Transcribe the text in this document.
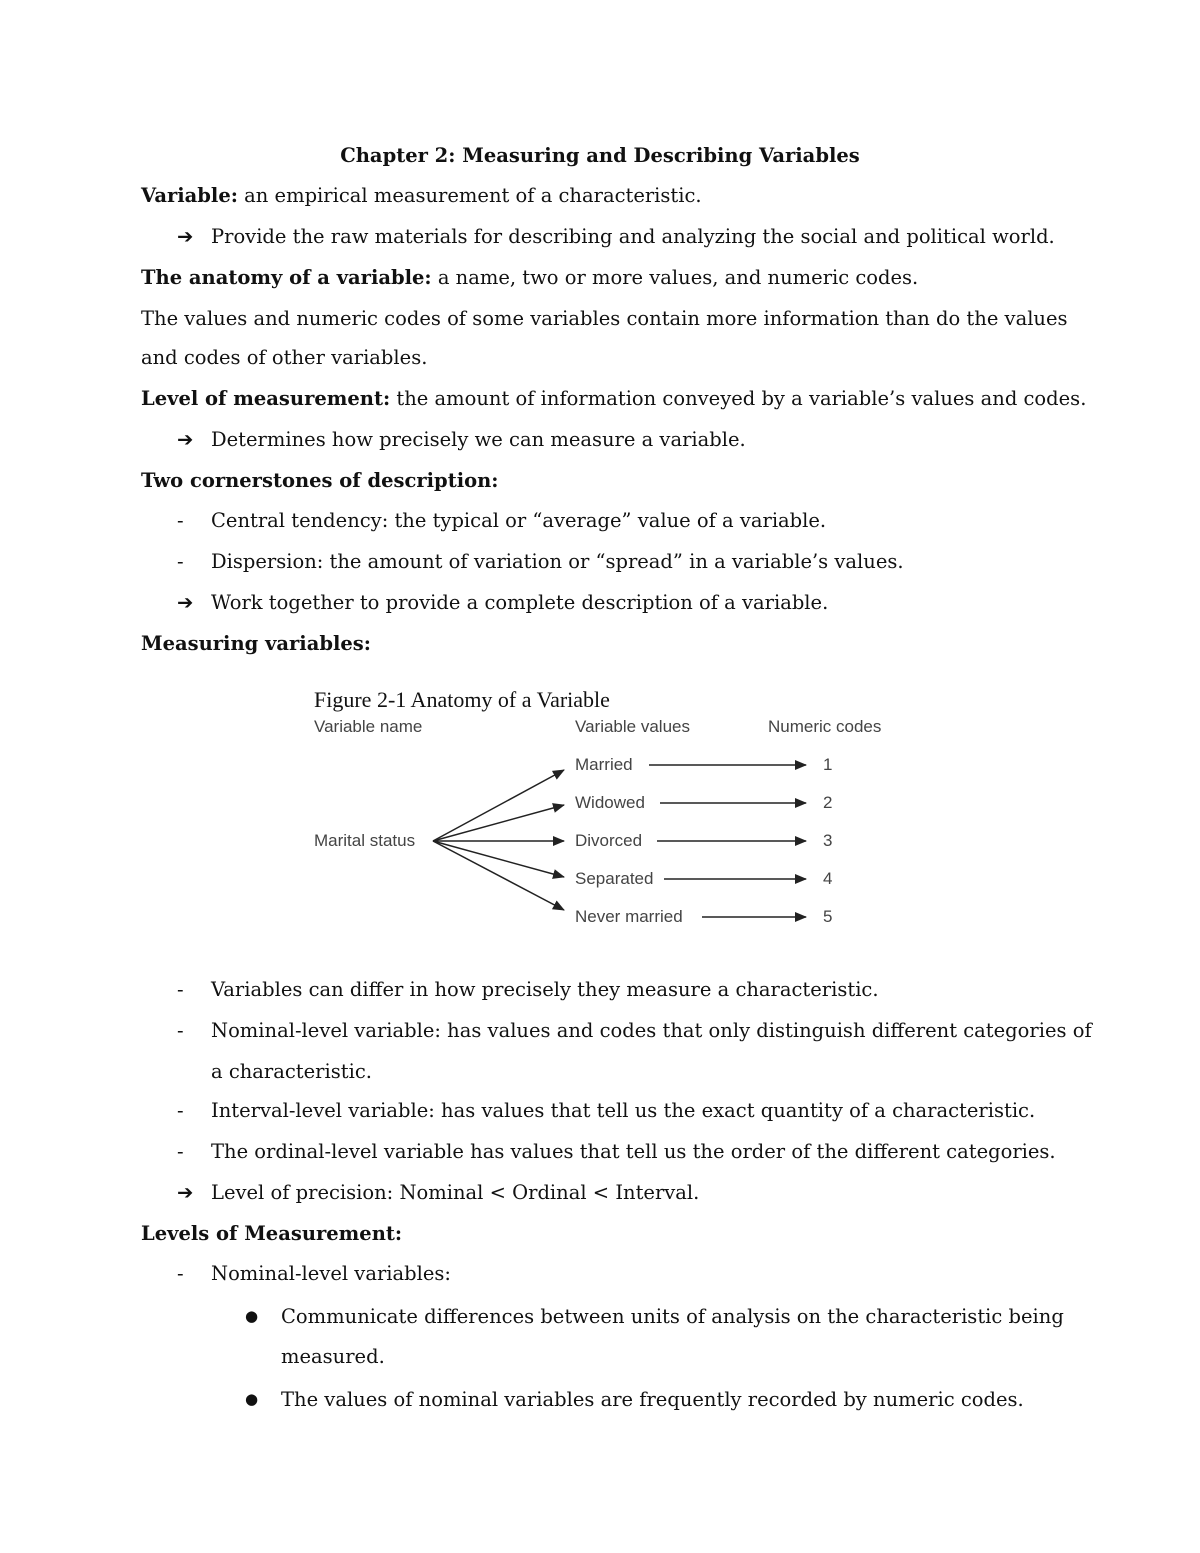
Chapter 2: Measuring and Describing Variables
Variable: an empirical measurement of a characteristic.
➔ Provide the raw materials for describing and analyzing the social and political world.
The anatomy of a variable: a name, two or more values, and numeric codes.
The values and numeric codes of some variables contain more information than do the values
and codes of other variables.
Level of measurement: the amount of information conveyed by a variable’s values and codes.
➔ Determines how precisely we can measure a variable.
Two cornerstones of description:
- Central tendency: the typical or “average” value of a variable.
- Dispersion: the amount of variation or “spread” in a variable’s values.
➔ Work together to provide a complete description of a variable.
Measuring variables:
Figure 2-1 Anatomy of a Variable
Variable name	Variable values	Numeric codes
Marital status
Married
Widowed
Divorced
Separated
Never married
1
2
3
4
5
- Variables can differ in how precisely they measure a characteristic.
- Nominal-level variable: has values and codes that only distinguish different categories of
a characteristic.
- Interval-level variable: has values that tell us the exact quantity of a characteristic.
- The ordinal-level variable has values that tell us the order of the different categories.
➔ Level of precision: Nominal < Ordinal < Interval.
Levels of Measurement:
- Nominal-level variables:
● Communicate differences between units of analysis on the characteristic being
measured.
● The values of nominal variables are frequently recorded by numeric codes.
